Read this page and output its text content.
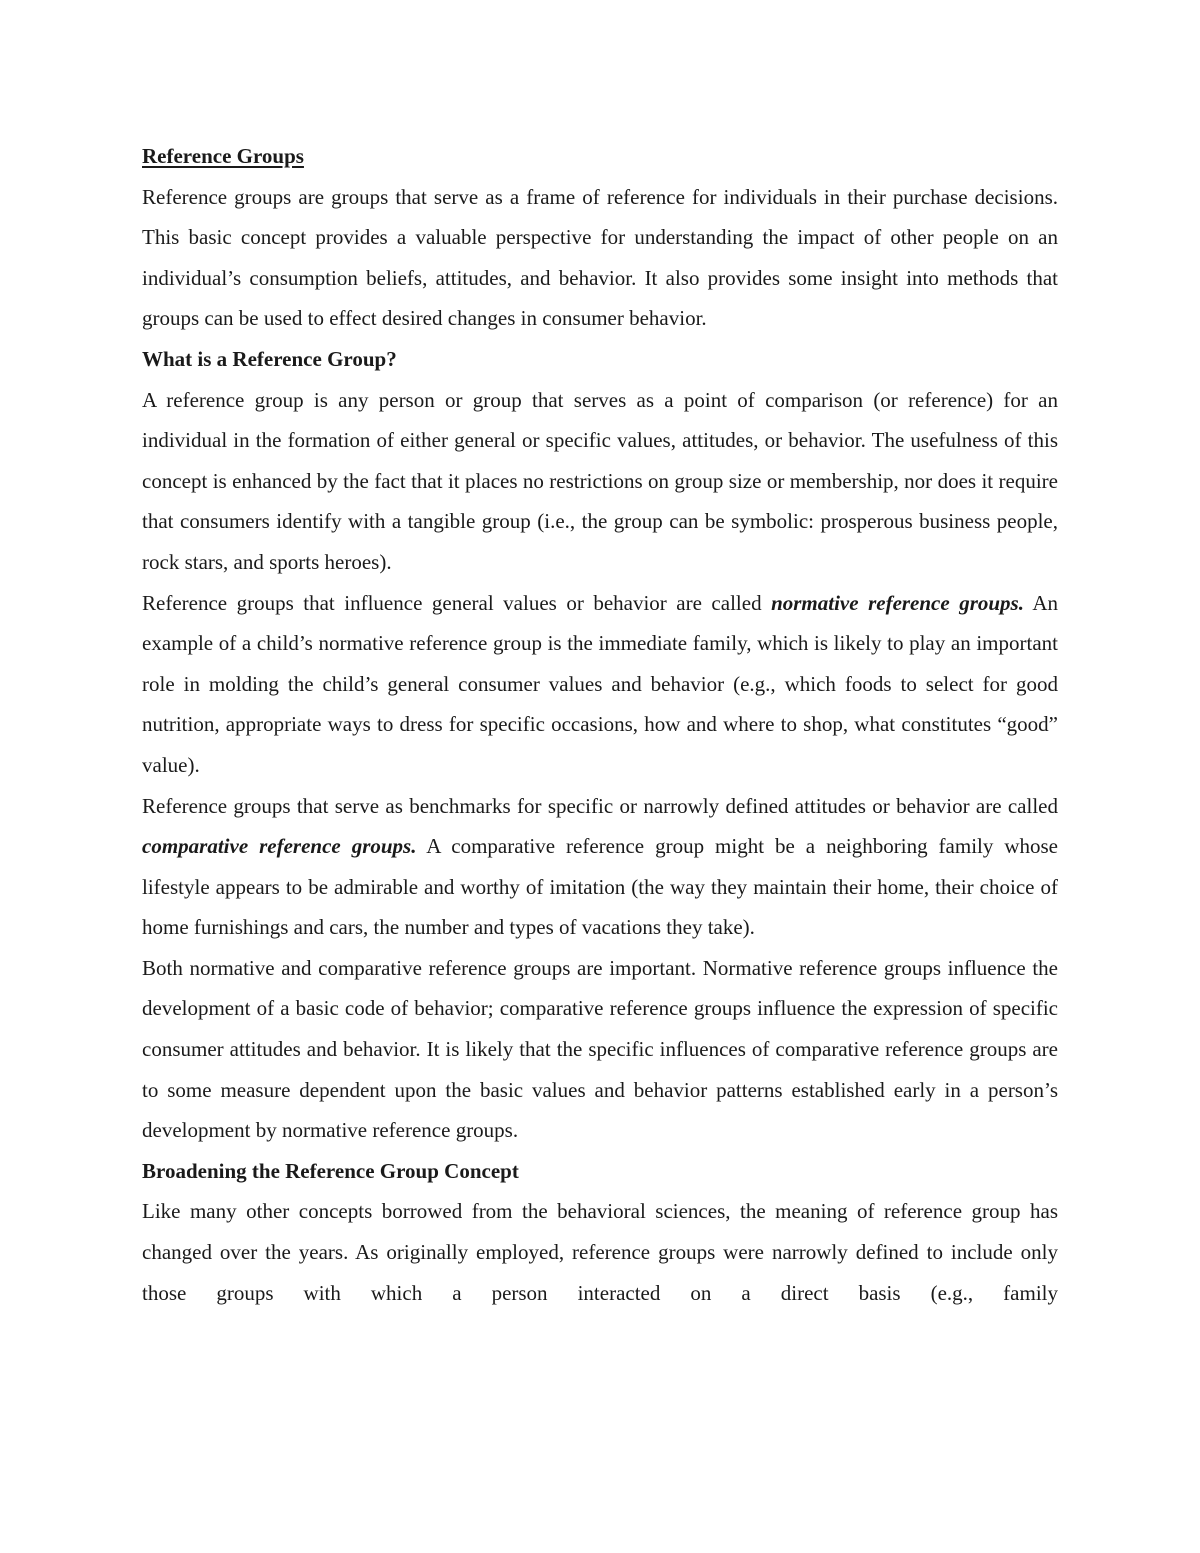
Reference Groups

Reference groups are groups that serve as a frame of reference for individuals in their purchase decisions. This basic concept provides a valuable perspective for understanding the impact of other people on an individual’s consumption beliefs, attitudes, and behavior. It also provides some insight into methods that groups can be used to effect desired changes in consumer behavior.

What is a Reference Group?

A reference group is any person or group that serves as a point of comparison (or reference) for an individual in the formation of either general or specific values, attitudes, or behavior. The usefulness of this concept is enhanced by the fact that it places no restrictions on group size or membership, nor does it require that consumers identify with a tangible group (i.e., the group can be symbolic: prosperous business people, rock stars, and sports heroes).

Reference groups that influence general values or behavior are called normative reference groups. An example of a child’s normative reference group is the immediate family, which is likely to play an important role in molding the child’s general consumer values and behavior (e.g., which foods to select for good nutrition, appropriate ways to dress for specific occasions, how and where to shop, what constitutes “good” value).

Reference groups that serve as benchmarks for specific or narrowly defined attitudes or behavior are called comparative reference groups. A comparative reference group might be a neighboring family whose lifestyle appears to be admirable and worthy of imitation (the way they maintain their home, their choice of home furnishings and cars, the number and types of vacations they take).

Both normative and comparative reference groups are important. Normative reference groups influence the development of a basic code of behavior; comparative reference groups influence the expression of specific consumer attitudes and behavior. It is likely that the specific influences of comparative reference groups are to some measure dependent upon the basic values and behavior patterns established early in a person’s development by normative reference groups.

Broadening the Reference Group Concept

Like many other concepts borrowed from the behavioral sciences, the meaning of reference group has changed over the years. As originally employed, reference groups were narrowly defined to include only those groups with which a person interacted on a direct basis (e.g., family
